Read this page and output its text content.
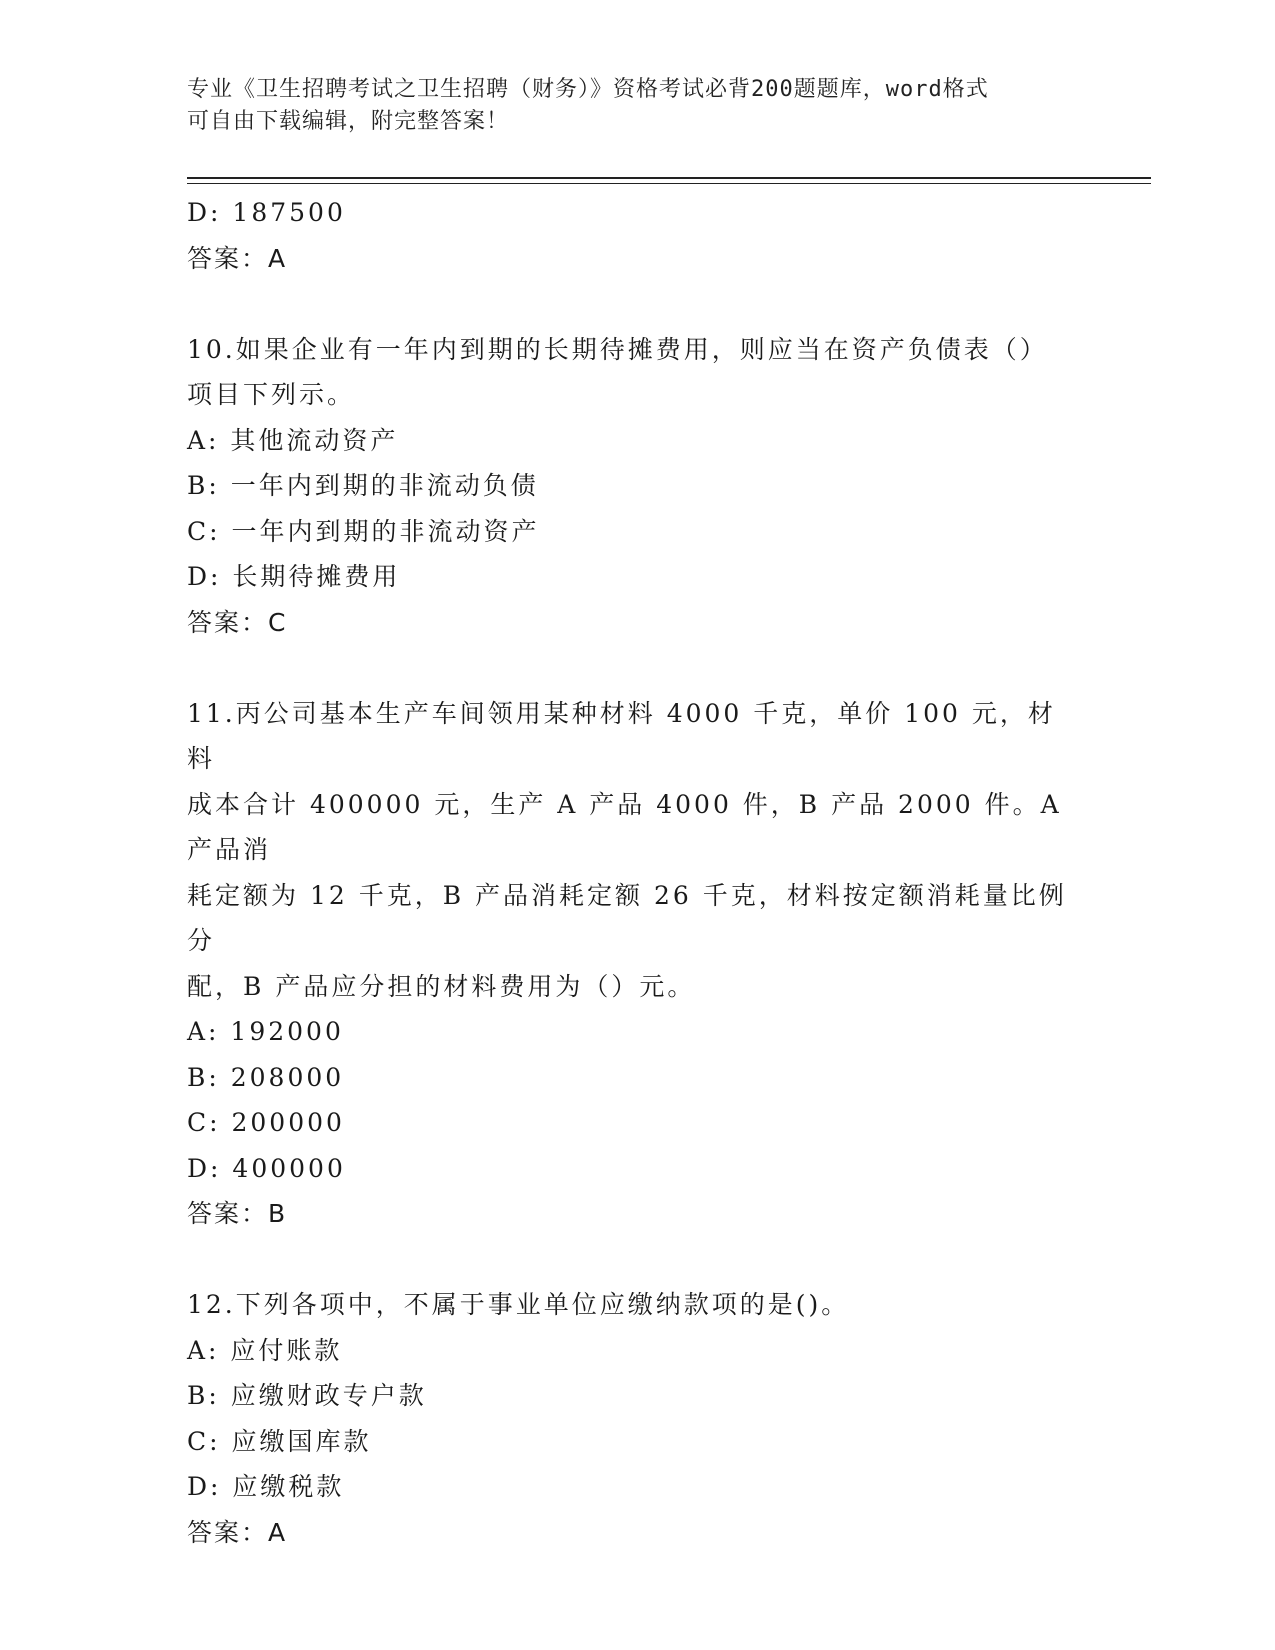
专业《卫生招聘考试之卫生招聘（财务）》资格考试必背200题题库，word格式
可自由下载编辑，附完整答案！
D: 187500
答案：A
10.如果企业有一年内到期的长期待摊费用，则应当在资产负债表（）
项目下列示。
A: 其他流动资产
B: 一年内到期的非流动负债
C: 一年内到期的非流动资产
D: 长期待摊费用
答案：C
11.丙公司基本生产车间领用某种材料 4000 千克，单价 100 元，材料
成本合计 400000 元，生产 A 产品 4000 件，B 产品 2000 件。A 产品消
耗定额为 12 千克，B 产品消耗定额 26 千克，材料按定额消耗量比例分
配，B 产品应分担的材料费用为（）元。
A: 192000
B: 208000
C: 200000
D: 400000
答案：B
12.下列各项中，不属于事业单位应缴纳款项的是()。
A: 应付账款
B: 应缴财政专户款
C: 应缴国库款
D: 应缴税款
答案：A
